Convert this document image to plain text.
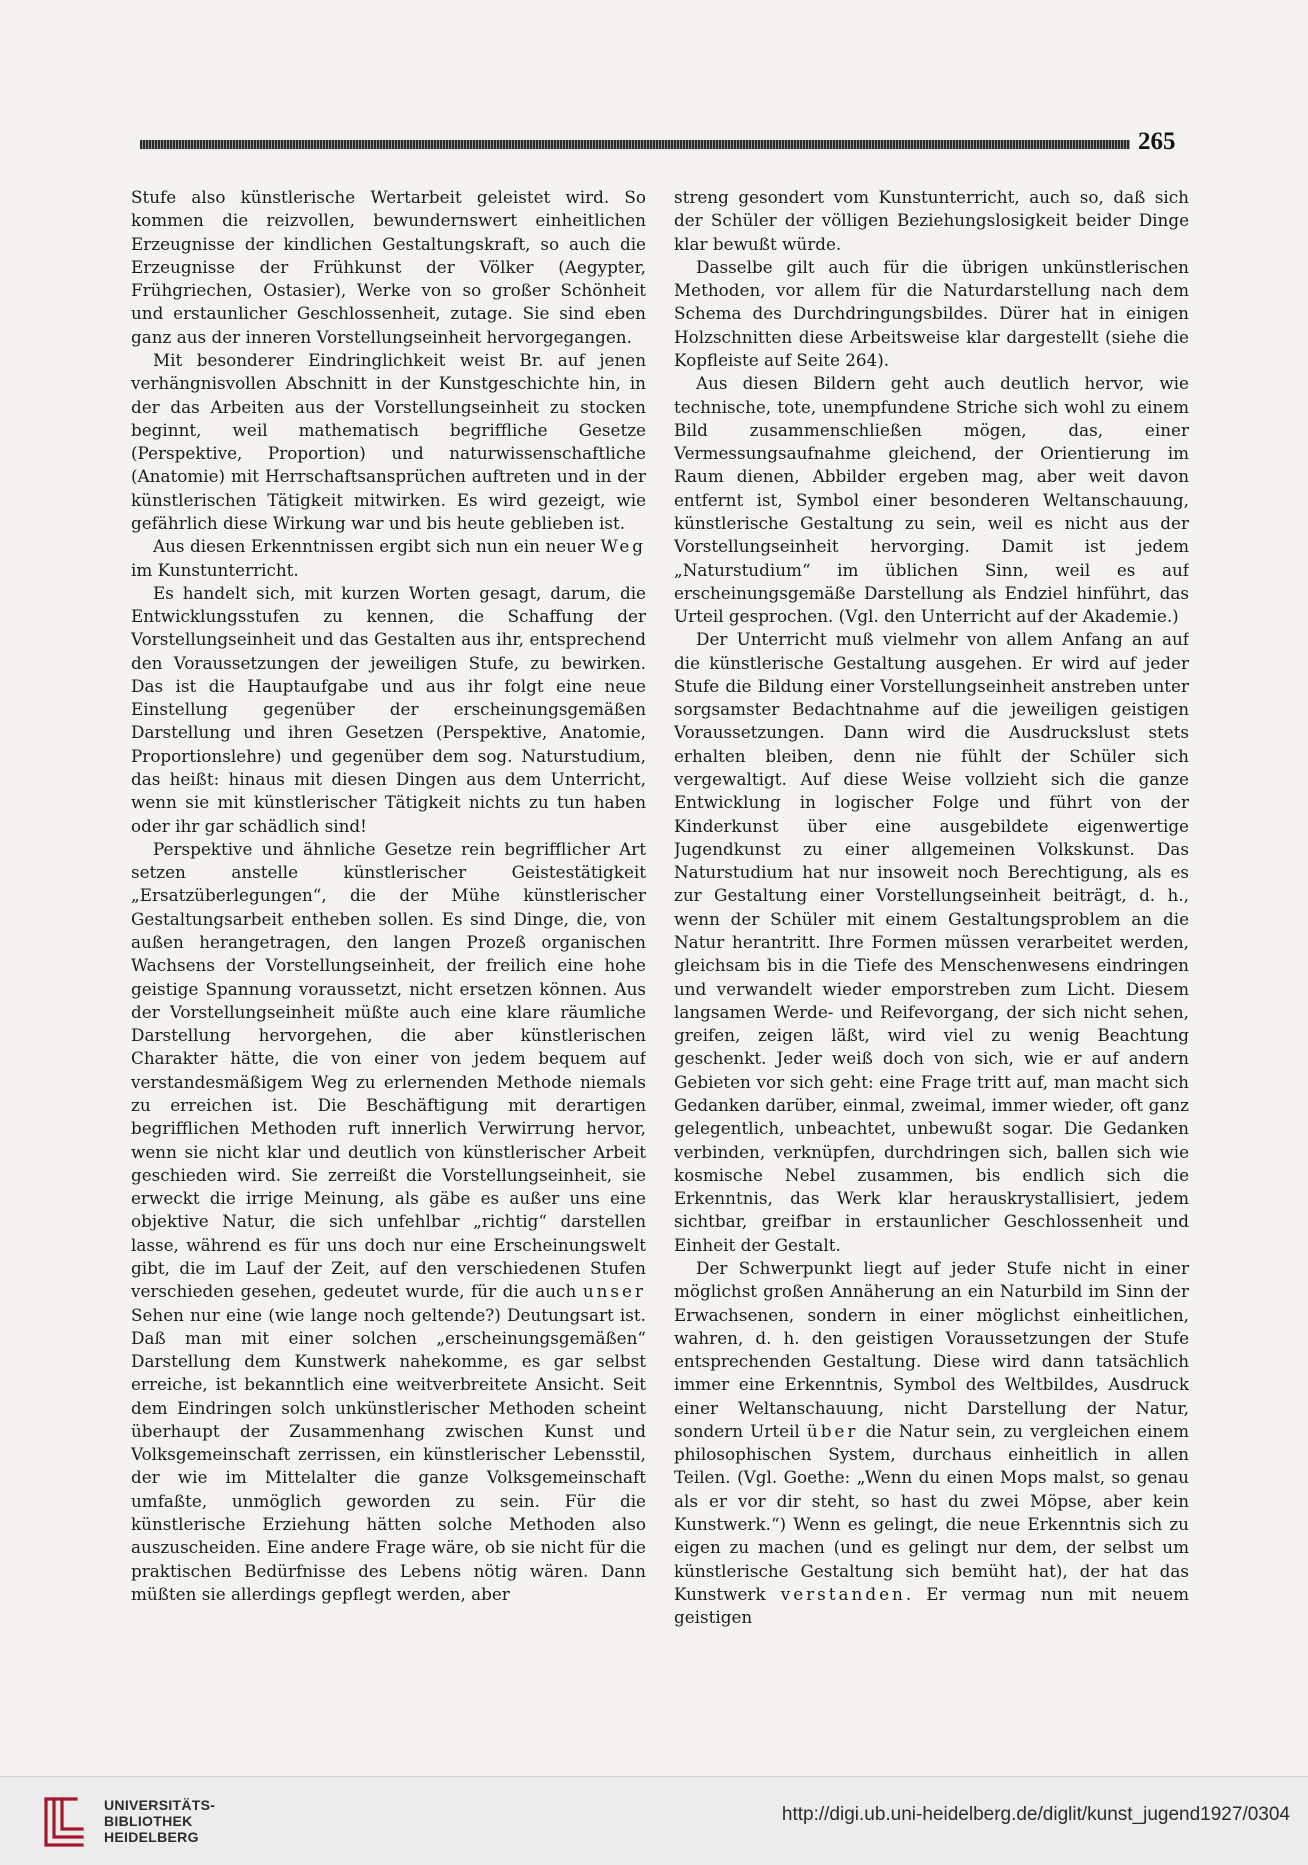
265

Stufe also künstlerische Wertarbeit geleistet wird. So kommen die reizvollen, bewundernswert einheitlichen Erzeugnisse der kindlichen Gestaltungskraft, so auch die Erzeugnisse der Frühkunst der Völker (Aegypter, Frühgriechen, Ostasier), Werke von so großer Schönheit und erstaunlicher Geschlossenheit, zutage. Sie sind eben ganz aus der inneren Vorstellungseinheit hervorgegangen.

Mit besonderer Eindringlichkeit weist Br. auf jenen verhängnisvollen Abschnitt in der Kunstgeschichte hin, in der das Arbeiten aus der Vorstellungseinheit zu stocken beginnt, weil mathematisch begriffliche Gesetze (Perspektive, Proportion) und naturwissenschaftliche (Anatomie) mit Herrschaftsansprüchen auftreten und in der künstlerischen Tätigkeit mitwirken. Es wird gezeigt, wie gefährlich diese Wirkung war und bis heute geblieben ist.

Aus diesen Erkenntnissen ergibt sich nun ein neuer Weg im Kunstunterricht.

Es handelt sich, mit kurzen Worten gesagt, darum, die Entwicklungsstufen zu kennen, die Schaffung der Vorstellungseinheit und das Gestalten aus ihr, entsprechend den Voraussetzungen der jeweiligen Stufe, zu bewirken. Das ist die Hauptaufgabe und aus ihr folgt eine neue Einstellung gegenüber der erscheinungsgemäßen Darstellung und ihren Gesetzen (Perspektive, Anatomie, Proportionslehre) und gegenüber dem sog. Naturstudium, das heißt: hinaus mit diesen Dingen aus dem Unterricht, wenn sie mit künstlerischer Tätigkeit nichts zu tun haben oder ihr gar schädlich sind!

Perspektive und ähnliche Gesetze rein begrifflicher Art setzen anstelle künstlerischer Geistestätigkeit „Ersatzüberlegungen“, die der Mühe künstlerischer Gestaltungsarbeit entheben sollen. Es sind Dinge, die, von außen herangetragen, den langen Prozeß organischen Wachsens der Vorstellungseinheit, der freilich eine hohe geistige Spannung voraussetzt, nicht ersetzen können. Aus der Vorstellungseinheit müßte auch eine klare räumliche Darstellung hervorgehen, die aber künstlerischen Charakter hätte, die von einer von jedem bequem auf verstandesmäßigem Weg zu erlernenden Methode niemals zu erreichen ist. Die Beschäftigung mit derartigen begrifflichen Methoden ruft innerlich Verwirrung hervor, wenn sie nicht klar und deutlich von künstlerischer Arbeit geschieden wird. Sie zerreißt die Vorstellungseinheit, sie erweckt die irrige Meinung, als gäbe es außer uns eine objektive Natur, die sich unfehlbar „richtig“ darstellen lasse, während es für uns doch nur eine Erscheinungswelt gibt, die im Lauf der Zeit, auf den verschiedenen Stufen verschieden gesehen, gedeutet wurde, für die auch unser Sehen nur eine (wie lange noch geltende?) Deutungsart ist. Daß man mit einer solchen „erscheinungsgemäßen“ Darstellung dem Kunstwerk nahekomme, es gar selbst erreiche, ist bekanntlich eine weitverbreitete Ansicht. Seit dem Eindringen solch unkünstlerischer Methoden scheint überhaupt der Zusammenhang zwischen Kunst und Volksgemeinschaft zerrissen, ein künstlerischer Lebensstil, der wie im Mittelalter die ganze Volksgemeinschaft umfaßte, unmöglich geworden zu sein. Für die künstlerische Erziehung hätten solche Methoden also auszuscheiden. Eine andere Frage wäre, ob sie nicht für die praktischen Bedürfnisse des Lebens nötig wären. Dann müßten sie allerdings gepflegt werden, aber

streng gesondert vom Kunstunterricht, auch so, daß sich der Schüler der völligen Beziehungslosigkeit beider Dinge klar bewußt würde.

Dasselbe gilt auch für die übrigen unkünstlerischen Methoden, vor allem für die Naturdarstellung nach dem Schema des Durchdringungsbildes. Dürer hat in einigen Holzschnitten diese Arbeitsweise klar dargestellt (siehe die Kopfleiste auf Seite 264).

Aus diesen Bildern geht auch deutlich hervor, wie technische, tote, unempfundene Striche sich wohl zu einem Bild zusammenschließen mögen, das, einer Vermessungsaufnahme gleichend, der Orientierung im Raum dienen, Abbilder ergeben mag, aber weit davon entfernt ist, Symbol einer besonderen Weltanschauung, künstlerische Gestaltung zu sein, weil es nicht aus der Vorstellungseinheit hervorging. Damit ist jedem „Naturstudium“ im üblichen Sinn, weil es auf erscheinungsgemäße Darstellung als Endziel hinführt, das Urteil gesprochen. (Vgl. den Unterricht auf der Akademie.)

Der Unterricht muß vielmehr von allem Anfang an auf die künstlerische Gestaltung ausgehen. Er wird auf jeder Stufe die Bildung einer Vorstellungseinheit anstreben unter sorgsamster Bedachtnahme auf die jeweiligen geistigen Voraussetzungen. Dann wird die Ausdruckslust stets erhalten bleiben, denn nie fühlt der Schüler sich vergewaltigt. Auf diese Weise vollzieht sich die ganze Entwicklung in logischer Folge und führt von der Kinderkunst über eine ausgebildete eigenwertige Jugendkunst zu einer allgemeinen Volkskunst. Das Naturstudium hat nur insoweit noch Berechtigung, als es zur Gestaltung einer Vorstellungseinheit beiträgt, d. h., wenn der Schüler mit einem Gestaltungsproblem an die Natur herantritt. Ihre Formen müssen verarbeitet werden, gleichsam bis in die Tiefe des Menschenwesens eindringen und verwandelt wieder emporstreben zum Licht. Diesem langsamen Werde- und Reifevorgang, der sich nicht sehen, greifen, zeigen läßt, wird viel zu wenig Beachtung geschenkt. Jeder weiß doch von sich, wie er auf andern Gebieten vor sich geht: eine Frage tritt auf, man macht sich Gedanken darüber, einmal, zweimal, immer wieder, oft ganz gelegentlich, unbeachtet, unbewußt sogar. Die Gedanken verbinden, verknüpfen, durchdringen sich, ballen sich wie kosmische Nebel zusammen, bis endlich sich die Erkenntnis, das Werk klar herauskrystallisiert, jedem sichtbar, greifbar in erstaunlicher Geschlossenheit und Einheit der Gestalt.

Der Schwerpunkt liegt auf jeder Stufe nicht in einer möglichst großen Annäherung an ein Naturbild im Sinn der Erwachsenen, sondern in einer möglichst einheitlichen, wahren, d. h. den geistigen Voraussetzungen der Stufe entsprechenden Gestaltung. Diese wird dann tatsächlich immer eine Erkenntnis, Symbol des Weltbildes, Ausdruck einer Weltanschauung, nicht Darstellung der Natur, sondern Urteil über die Natur sein, zu vergleichen einem philosophischen System, durchaus einheitlich in allen Teilen. (Vgl. Goethe: „Wenn du einen Mops malst, so genau als er vor dir steht, so hast du zwei Möpse, aber kein Kunstwerk.“) Wenn es gelingt, die neue Erkenntnis sich zu eigen zu machen (und es gelingt nur dem, der selbst um künstlerische Gestaltung sich bemüht hat), der hat das Kunstwerk verstanden. Er vermag nun mit neuem geistigen

UNIVERSITÄTS-
BIBLIOTHEK
HEIDELBERG
http://digi.ub.uni-heidelberg.de/diglit/kunst_jugend1927/0304
